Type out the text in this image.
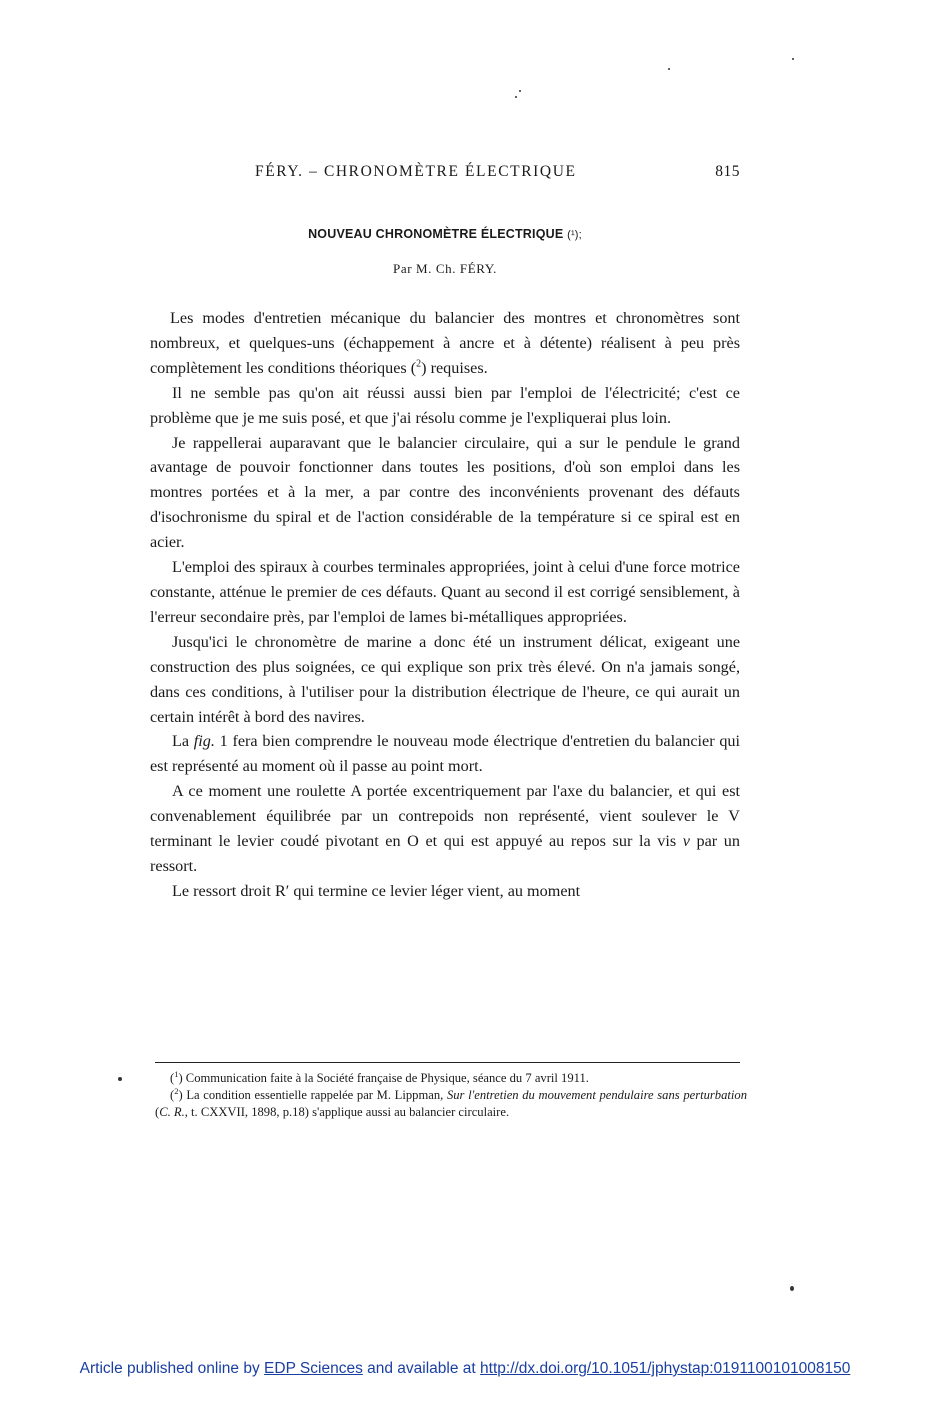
FÉRY. – CHRONOMÈTRE ÉLECTRIQUE	815
NOUVEAU CHRONOMÈTRE ÉLECTRIQUE (¹);
Par M. Ch. FÉRY.

Les modes d'entretien mécanique du balancier des montres et chronomètres sont nombreux, et quelques-uns (échappement à ancre et à détente) réalisent à peu près complètement les conditions théoriques ($^2$) requises.

Il ne semble pas qu'on ait réussi aussi bien par l'emploi de l'électricité; c'est ce problème que je me suis posé, et que j'ai résolu comme je l'expliquerai plus loin.

Je rappellerai auparavant que le balancier circulaire, qui a sur le pendule le grand avantage de pouvoir fonctionner dans toutes les positions, d'où son emploi dans les montres portées et à la mer, a par contre des inconvénients provenant des défauts d'isochronisme du spiral et de l'action considérable de la température si ce spiral est en acier.

L'emploi des spiraux à courbes terminales appropriées, joint à celui d'une force motrice constante, atténue le premier de ces défauts. Quant au second il est corrigé sensiblement, à l'erreur secondaire près, par l'emploi de lames bi-métalliques appropriées.

Jusqu'ici le chronomètre de marine a donc été un instrument délicat, exigeant une construction des plus soignées, ce qui explique son prix très élevé. On n'a jamais songé, dans ces conditions, à l'utiliser pour la distribution électrique de l'heure, ce qui aurait un certain intérêt à bord des navires.

La fig. 1 fera bien comprendre le nouveau mode électrique d'entretien du balancier qui est représenté au moment où il passe au point mort.

A ce moment une roulette A portée excentriquement par l'axe du balancier, et qui est convenablement équilibrée par un contrepoids non représenté, vient soulever le V terminant le levier coudé pivotant en O et qui est appuyé au repos sur la vis v par un ressort.

Le ressort droit R′ qui termine ce levier léger vient, au moment

($^1$) Communication faite à la Société française de Physique, séance du 7 avril 1911.

($^2$) La condition essentielle rappelée par M. Lippman, Sur l'entretien du mouvement pendulaire sans perturbation (C. R., t. CXXVII, 1898, p.18) s'applique aussi au balancier circulaire.

Article published online by EDP Sciences and available at http://dx.doi.org/10.1051/jphystap:0191100101008150
